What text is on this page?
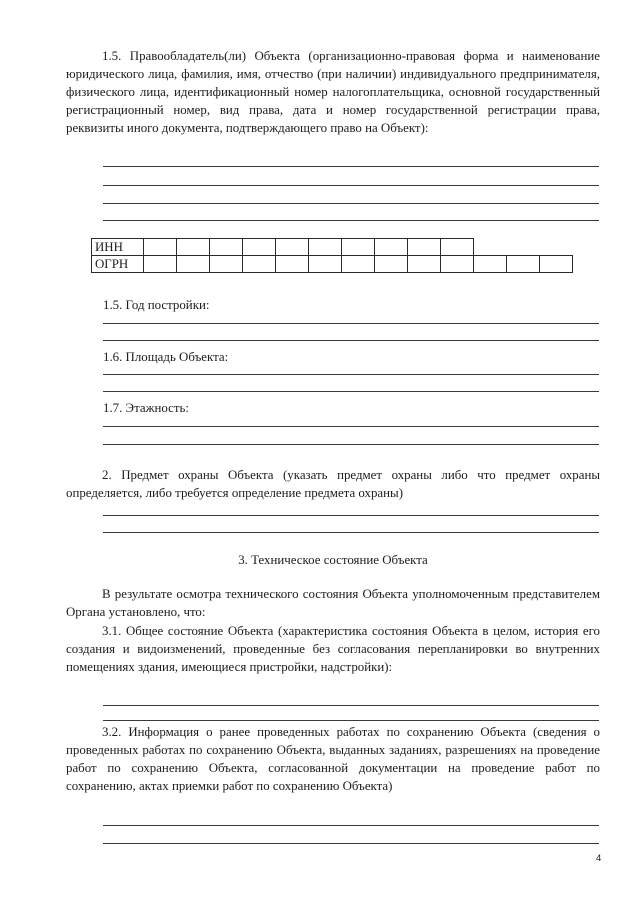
1.5. Правообладатель(ли) Объекта (организационно-правовая форма и наименование юридического лица, фамилия, имя, отчество (при наличии) индивидуального предпринимателя, физического лица, идентификационный номер налогоплательщика, основной государственный регистрационный номер, вид права, дата и номер государственной регистрации права, реквизиты иного документа, подтверждающего право на Объект):

ИНН													
ОГРН													

1.5. Год постройки:

1.6. Площадь Объекта:

1.7. Этажность:

2. Предмет охраны Объекта (указать предмет охраны либо что предмет охраны определяется, либо требуется определение предмета охраны)

3. Техническое состояние Объекта

В результате осмотра технического состояния Объекта уполномоченным представителем Органа установлено, что:

3.1. Общее состояние Объекта (характеристика состояния Объекта в целом, история его создания и видоизменений, проведенные без согласования перепланировки во внутренних помещениях здания, имеющиеся пристройки, надстройки):

3.2. Информация о ранее проведенных работах по сохранению Объекта (сведения о проведенных работах по сохранению Объекта, выданных заданиях, разрешениях на проведение работ по сохранению Объекта, согласованной документации на проведение работ по сохранению, актах приемки работ по сохранению Объекта)

4
